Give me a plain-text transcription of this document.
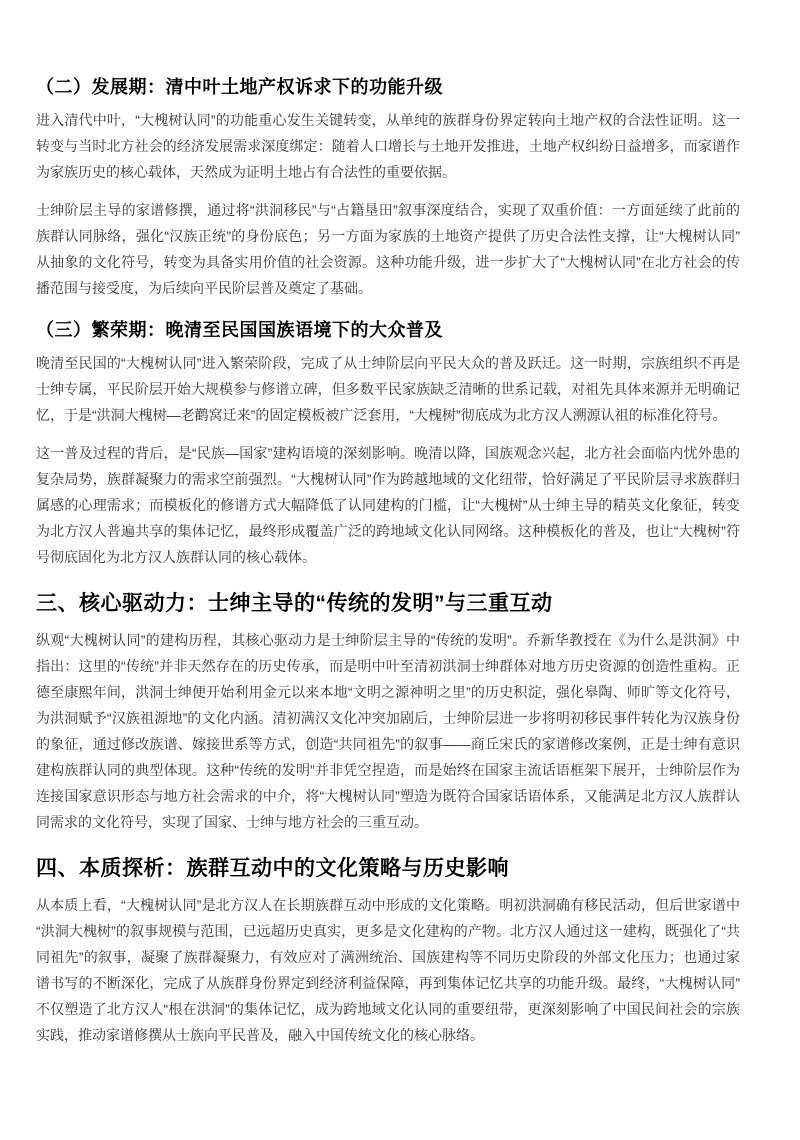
（二）发展期：清中叶土地产权诉求下的功能升级

进入清代中叶，“大槐树认同”的功能重心发生关键转变，从单纯的族群身份界定转向土地产权的合法性证明。这一转变与当时北方社会的经济发展需求深度绑定：随着人口增长与土地开发推进，土地产权纠纷日益增多，而家谱作为家族历史的核心载体，天然成为证明土地占有合法性的重要依据。

士绅阶层主导的家谱修撰，通过将“洪洞移民”与“占籍垦田”叙事深度结合，实现了双重价值：一方面延续了此前的族群认同脉络，强化“汉族正统”的身份底色；另一方面为家族的土地资产提供了历史合法性支撑，让“大槐树认同”从抽象的文化符号，转变为具备实用价值的社会资源。这种功能升级，进一步扩大了“大槐树认同”在北方社会的传播范围与接受度，为后续向平民阶层普及奠定了基础。

（三）繁荣期：晚清至民国国族语境下的大众普及

晚清至民国的“大槐树认同”进入繁荣阶段，完成了从士绅阶层向平民大众的普及跃迁。这一时期，宗族组织不再是士绅专属，平民阶层开始大规模参与修谱立碑，但多数平民家族缺乏清晰的世系记载，对祖先具体来源并无明确记忆，于是“洪洞大槐树—老鹳窝迁来”的固定模板被广泛套用，“大槐树”彻底成为北方汉人溯源认祖的标准化符号。

这一普及过程的背后，是“民族—国家”建构语境的深刻影响。晚清以降，国族观念兴起，北方社会面临内忧外患的复杂局势，族群凝聚力的需求空前强烈。“大槐树认同”作为跨越地域的文化纽带，恰好满足了平民阶层寻求族群归属感的心理需求；而模板化的修谱方式大幅降低了认同建构的门槛，让“大槐树”从士绅主导的精英文化象征，转变为北方汉人普遍共享的集体记忆，最终形成覆盖广泛的跨地域文化认同网络。这种模板化的普及，也让“大槐树”符号彻底固化为北方汉人族群认同的核心载体。

三、核心驱动力：士绅主导的“传统的发明”与三重互动

纵观“大槐树认同”的建构历程，其核心驱动力是士绅阶层主导的“传统的发明”。乔新华教授在《为什么是洪洞》中指出：这里的“传统”并非天然存在的历史传承，而是明中叶至清初洪洞士绅群体对地方历史资源的创造性重构。正德至康熙年间，洪洞士绅便开始利用金元以来本地“文明之源神明之里”的历史积淀，强化皋陶、师旷等文化符号，为洪洞赋予“汉族祖源地”的文化内涵。清初满汉文化冲突加剧后，士绅阶层进一步将明初移民事件转化为汉族身份的象征，通过修改族谱、嫁接世系等方式，创造“共同祖先”的叙事——商丘宋氏的家谱修改案例，正是士绅有意识建构族群认同的典型体现。这种“传统的发明”并非凭空捏造，而是始终在国家主流话语框架下展开，士绅阶层作为连接国家意识形态与地方社会需求的中介，将“大槐树认同”塑造为既符合国家话语体系，又能满足北方汉人族群认同需求的文化符号，实现了国家、士绅与地方社会的三重互动。

四、本质探析：族群互动中的文化策略与历史影响

从本质上看，“大槐树认同”是北方汉人在长期族群互动中形成的文化策略。明初洪洞确有移民活动，但后世家谱中“洪洞大槐树”的叙事规模与范围，已远超历史真实，更多是文化建构的产物。北方汉人通过这一建构，既强化了“共同祖先”的叙事，凝聚了族群凝聚力，有效应对了满洲统治、国族建构等不同历史阶段的外部文化压力；也通过家谱书写的不断深化，完成了从族群身份界定到经济利益保障，再到集体记忆共享的功能升级。最终，“大槐树认同”不仅塑造了北方汉人“根在洪洞”的集体记忆，成为跨地域文化认同的重要纽带，更深刻影响了中国民间社会的宗族实践，推动家谱修撰从士族向平民普及，融入中国传统文化的核心脉络。
